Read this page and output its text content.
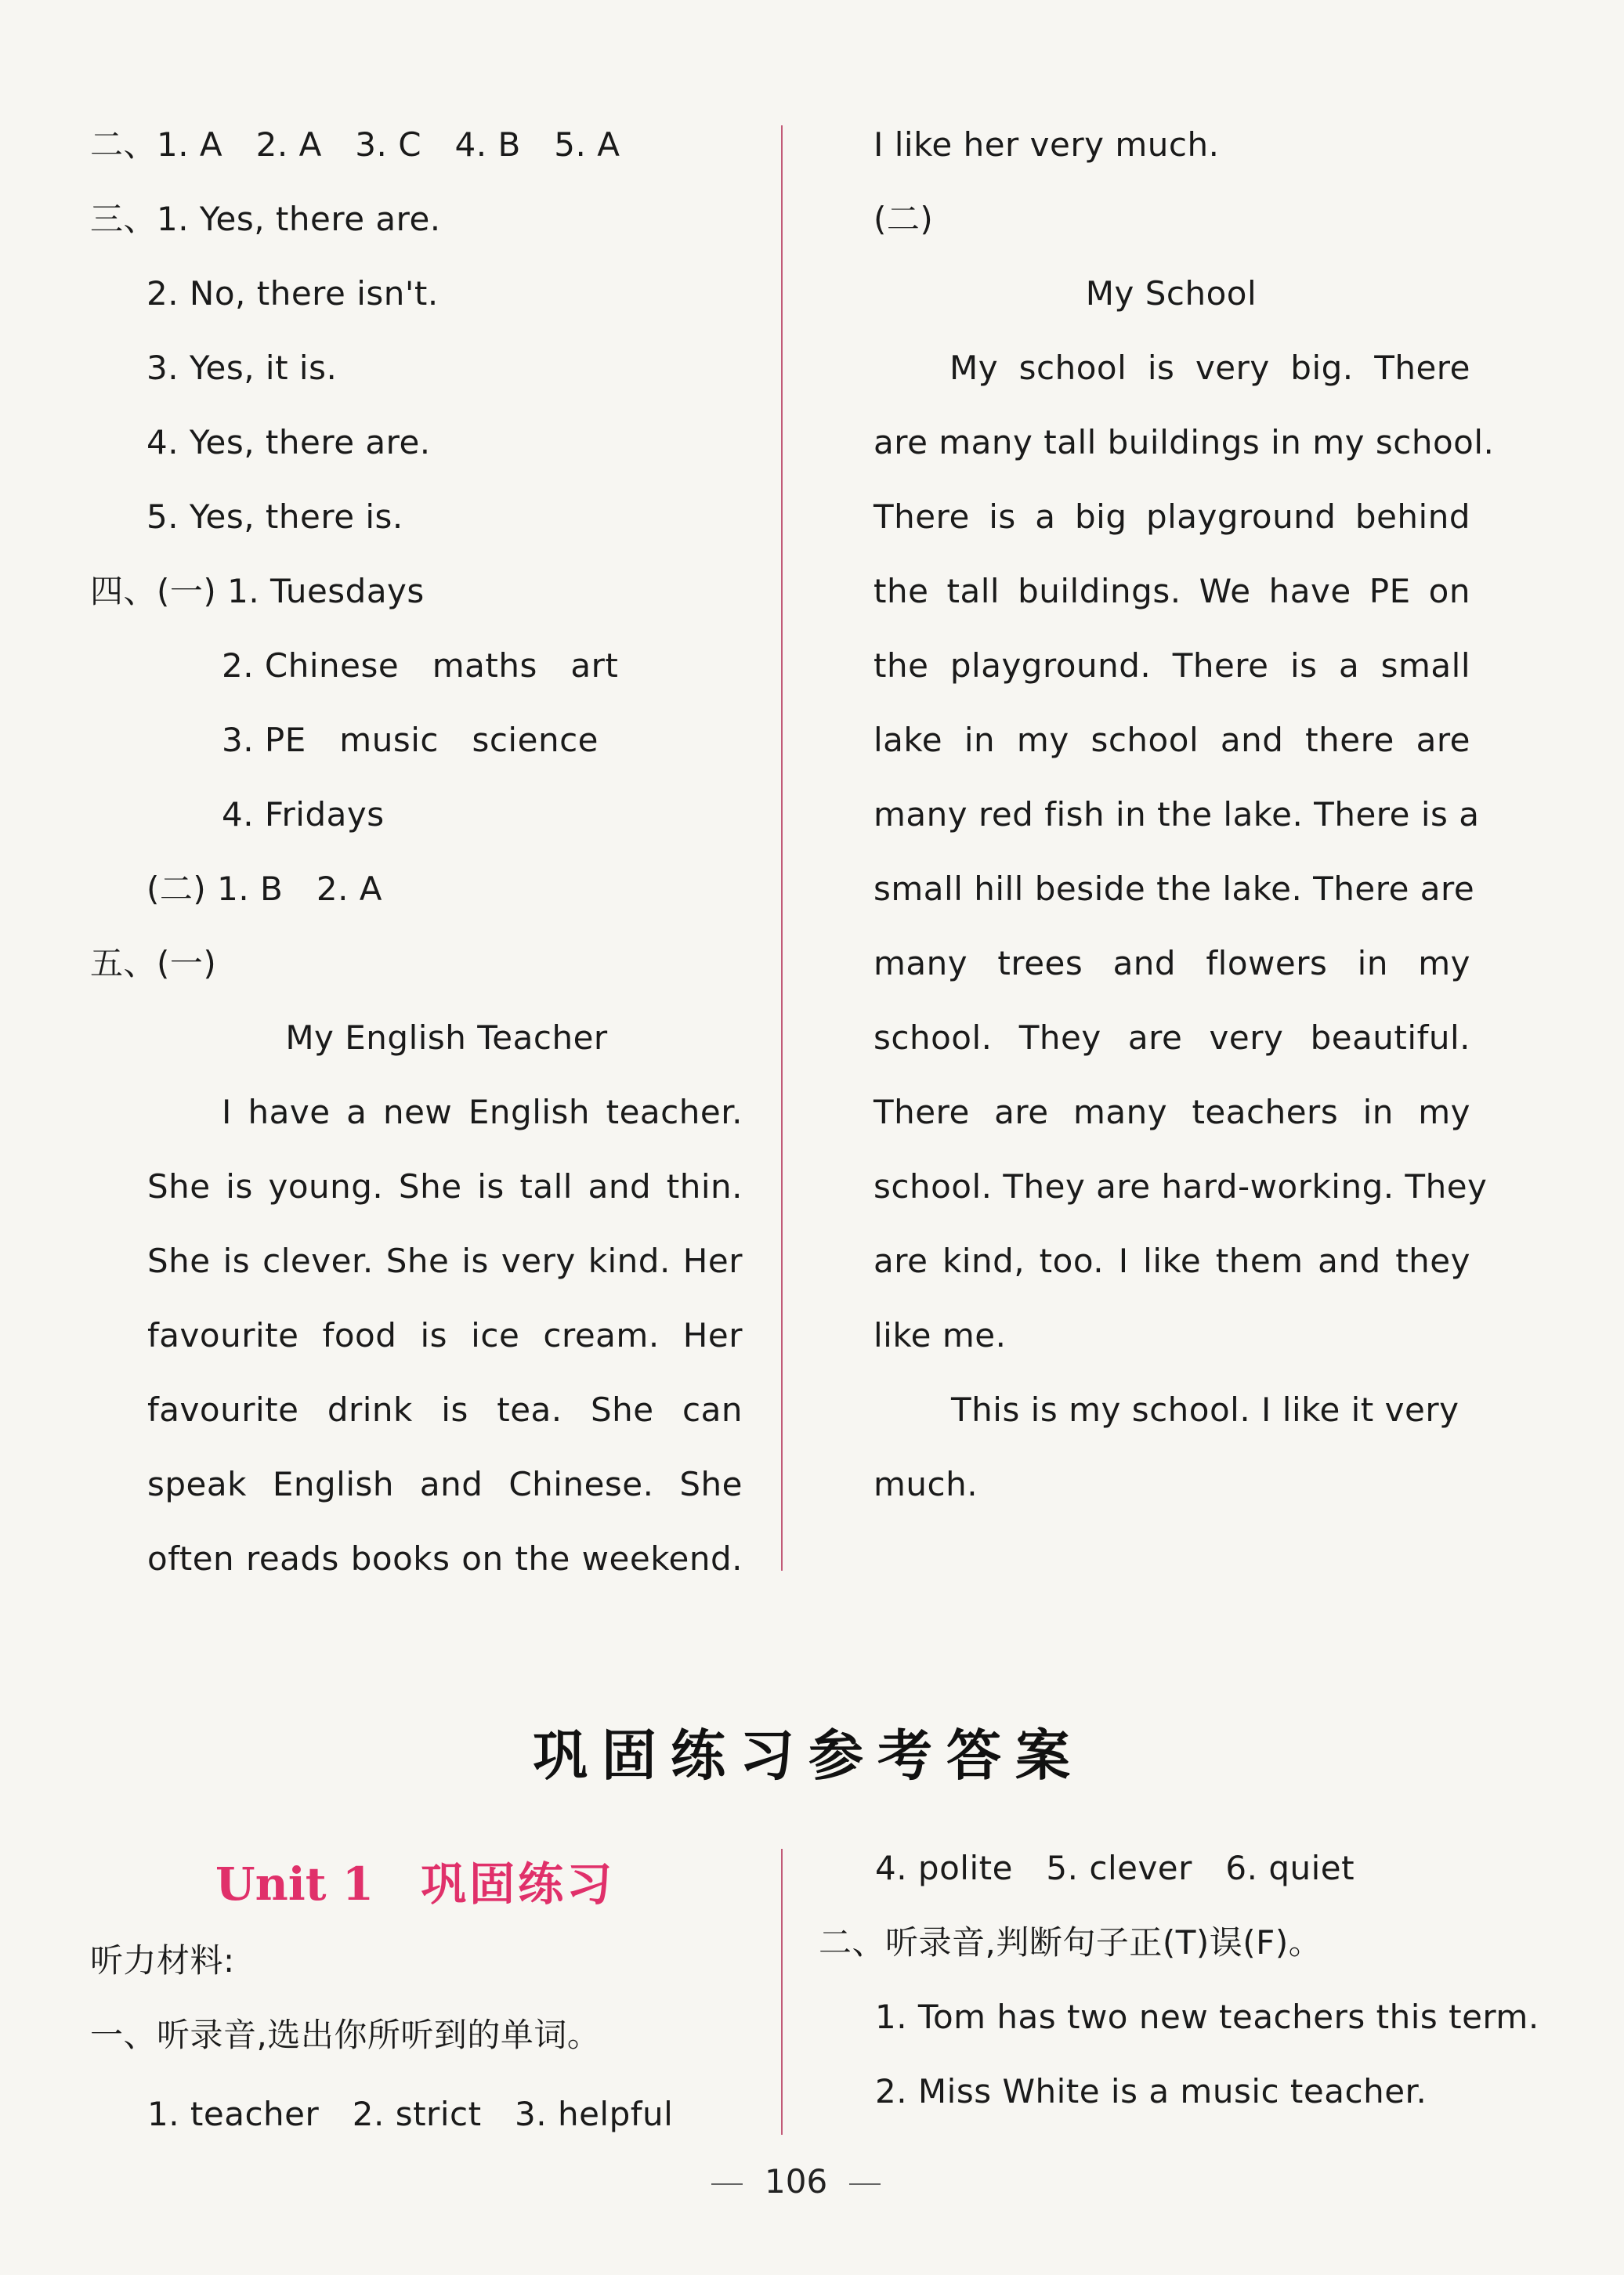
二、1. A　2. A　3. C　4. B　5. A
三、1. Yes, there are.
2. No, there isn't.
3. Yes, it is.
4. Yes, there are.
5. Yes, there is.
四、(一) 1. Tuesdays
2. Chinese　maths　art
3. PE　music　science
4. Fridays
(二) 1. B　2. A
五、(一)
My English Teacher
I have a new English teacher.
She is young. She is tall and thin.
She is clever. She is very kind. Her
favourite food is ice cream. Her
favourite drink is tea. She can
speak English and Chinese. She
often reads books on the weekend.
I like her very much.
(二)
My School
My school is very big. There
are many tall buildings in my school.
There is a big playground behind
the tall buildings. We have PE on
the playground. There is a small
lake in my school and there are
many red fish in the lake. There is a
small hill beside the lake. There are
many trees and flowers in my
school. They are very beautiful.
There are many teachers in my
school. They are hard-working. They
are kind, too. I like them and they
like me.
This is my school. I like it very
much.
巩固练习参考答案
Unit 1 巩固练习
听力材料:
一、听录音,选出你所听到的单词。
1. teacher　2. strict　3. helpful
4. polite　5. clever　6. quiet
二、听录音,判断句子正(T)误(F)。
1. Tom has two new teachers this term.
2. Miss White is a music teacher.
106
